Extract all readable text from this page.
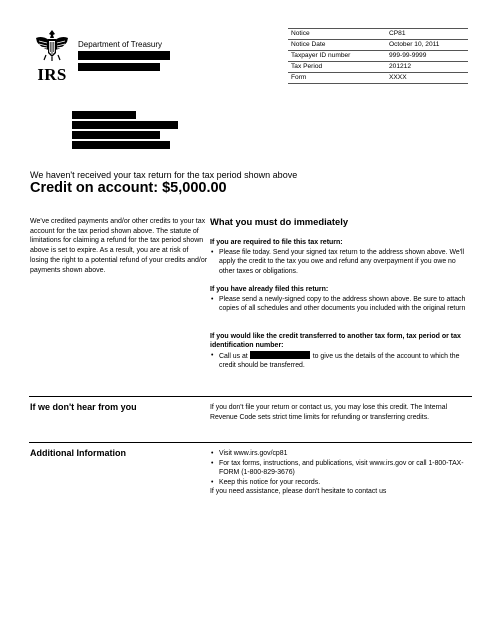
IRS
Department of Treasury
Notice	CP81
Notice Date	October 10, 2011
Taxpayer ID number	999-99-9999
Tax Period	201212
Form	XXXX
We haven't received your tax return for the tax period shown above
Credit on account: $5,000.00
We've credited payments and/or other credits to your tax account for the tax period shown above. The statute of limitations for claiming a refund for the tax period shown above is set to expire. As a result, you are at risk of losing the right to a potential refund of your credits and/or payments shown above.
What you must do immediately
If you are required to file this tax return:
• Please file today. Send your signed tax return to the address shown above. We'll apply the credit to the tax you owe and refund any overpayment if you owe no other taxes or obligations.
If you have already filed this return:
• Please send a newly-signed copy to the address shown above. Be sure to attach copies of all schedules and other documents you included with the original return
If you would like the credit transferred to another tax form, tax period or tax identification number:
• Call us at	to give us the details of the account to which the credit should be transferred.
If we don't hear from you	If you don't file your return or contact us, you may lose this credit. The Internal Revenue Code sets strict time limits for refunding or transferring credits.
Additional Information	• Visit www.irs.gov/cp81
• For tax forms, instructions, and publications, visit www.irs.gov or call 1-800-TAX-FORM (1-800-829-3676)
• Keep this notice for your records.
If you need assistance, please don't hesitate to contact us
